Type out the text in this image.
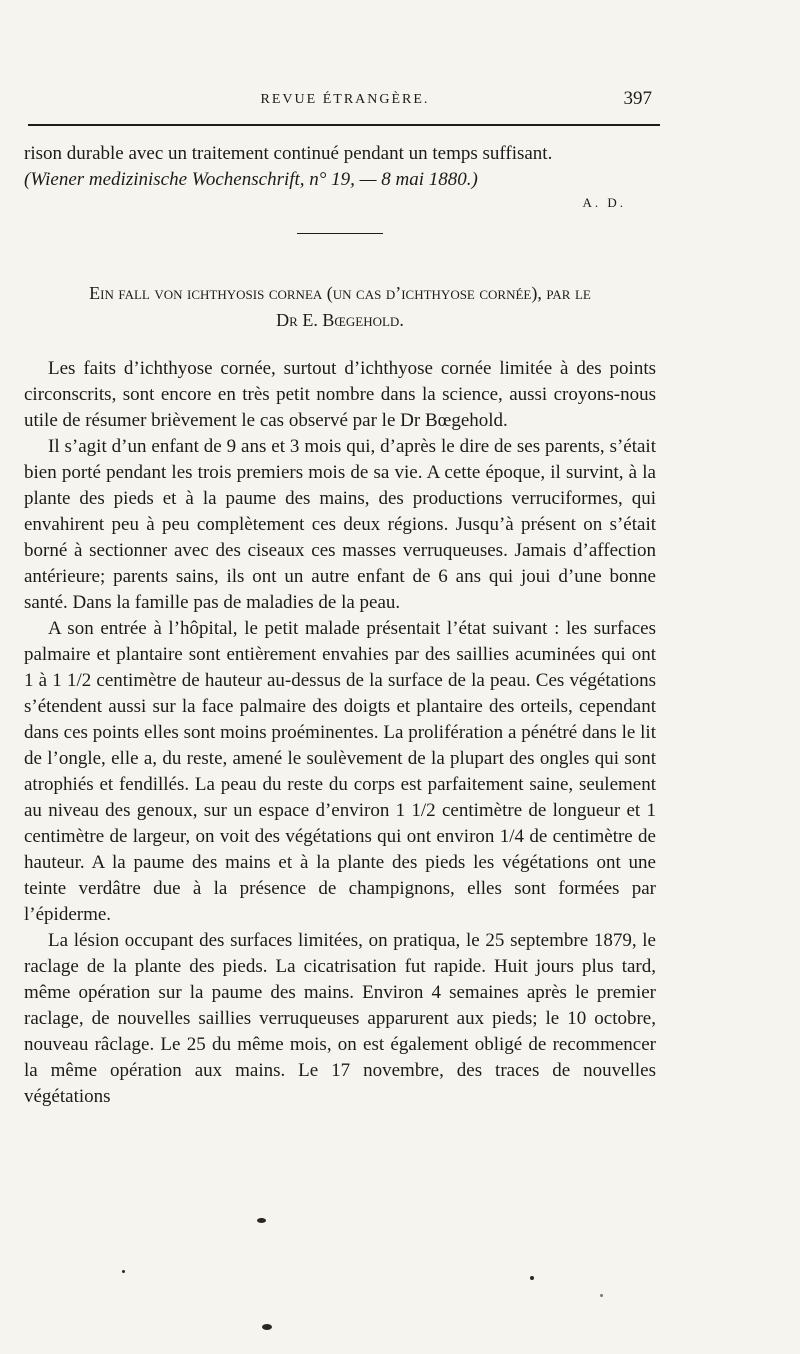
REVUE ÉTRANGÈRE.	397

rison durable avec un traitement continué pendant un temps suffisant.

(Wiener medizinische Wochenschrift, n° 19, — 8 mai 1880.)

A. D.
Ein fall von ichthyosis cornea (un cas d’ichthyose cornée), par le
Dr E. Bœgehold.

Les faits d’ichthyose cornée, surtout d’ichthyose cornée limitée à des points circonscrits, sont encore en très petit nombre dans la science, aussi croyons-nous utile de résumer brièvement le cas observé par le Dr Bœgehold.

Il s’agit d’un enfant de 9 ans et 3 mois qui, d’après le dire de ses parents, s’était bien porté pendant les trois premiers mois de sa vie. A cette époque, il survint, à la plante des pieds et à la paume des mains, des productions verruciformes, qui envahirent peu à peu complètement ces deux régions. Jusqu’à présent on s’était borné à sectionner avec des ciseaux ces masses verruqueuses. Jamais d’affection antérieure; parents sains, ils ont un autre enfant de 6 ans qui joui d’une bonne santé. Dans la famille pas de maladies de la peau.

A son entrée à l’hôpital, le petit malade présentait l’état suivant : les surfaces palmaire et plantaire sont entièrement envahies par des saillies acuminées qui ont 1 à 1 1/2 centimètre de hauteur au-dessus de la surface de la peau. Ces végétations s’étendent aussi sur la face palmaire des doigts et plantaire des orteils, cependant dans ces points elles sont moins proéminentes. La prolifération a pénétré dans le lit de l’ongle, elle a, du reste, amené le soulèvement de la plupart des ongles qui sont atrophiés et fendillés. La peau du reste du corps est parfaitement saine, seulement au niveau des genoux, sur un espace d’environ 1 1/2 centimètre de longueur et 1 centimètre de largeur, on voit des végétations qui ont environ 1/4 de centimètre de hauteur. A la paume des mains et à la plante des pieds les végétations ont une teinte verdâtre due à la présence de champignons, elles sont formées par l’épiderme.

La lésion occupant des surfaces limitées, on pratiqua, le 25 septembre 1879, le raclage de la plante des pieds. La cicatrisation fut rapide. Huit jours plus tard, même opération sur la paume des mains. Environ 4 semaines après le premier raclage, de nouvelles saillies verruqueuses apparurent aux pieds; le 10 octobre, nouveau râclage. Le 25 du même mois, on est également obligé de recommencer la même opération aux mains. Le 17 novembre, des traces de nouvelles végétations
